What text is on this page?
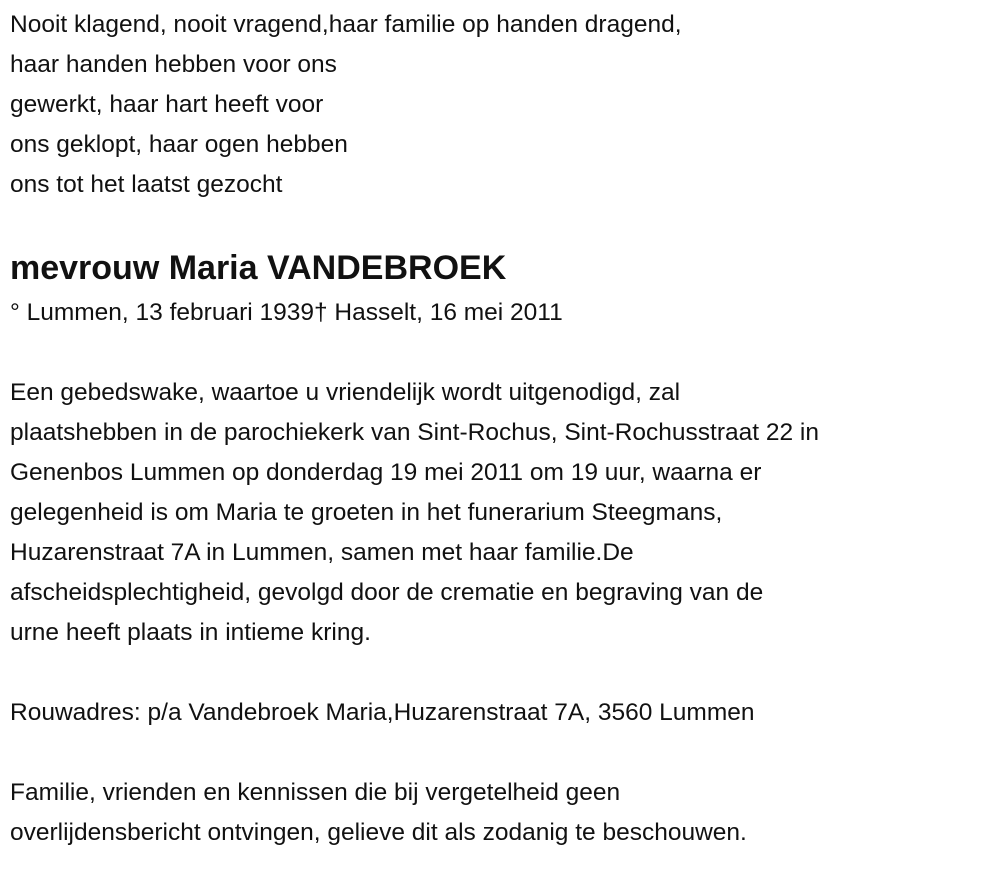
Nooit klagend, nooit vragend,haar familie op handen dragend,
haar handen hebben voor ons
gewerkt, haar hart heeft voor
ons geklopt, haar ogen hebben
ons tot het laatst gezocht
mevrouw Maria VANDEBROEK
° Lummen, 13 februari 1939† Hasselt, 16 mei 2011
Een gebedswake, waartoe u vriendelijk wordt uitgenodigd, zal
plaatshebben in de parochiekerk van Sint-Rochus, Sint-Rochusstraat 22 in
Genenbos Lummen op donderdag 19 mei 2011 om 19 uur, waarna er
gelegenheid is om Maria te groeten in het funerarium Steegmans,
Huzarenstraat 7A in Lummen, samen met haar familie.De
afscheidsplechtigheid, gevolgd door de crematie en begraving van de
urne heeft plaats in intieme kring.
Rouwadres: p/a Vandebroek Maria,Huzarenstraat 7A, 3560 Lummen
Familie, vrienden en kennissen die bij vergetelheid geen
overlijdensbericht ontvingen, gelieve dit als zodanig te beschouwen.
